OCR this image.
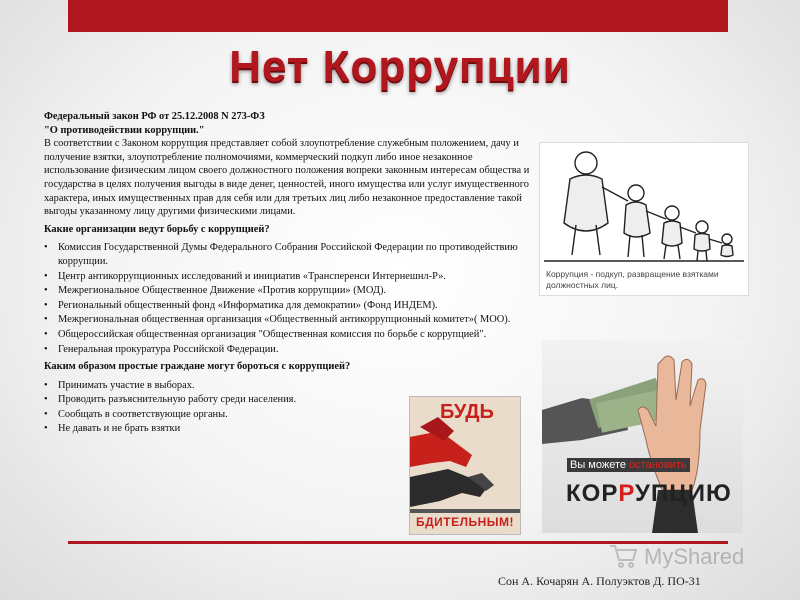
Нет Коррупции
Федеральный закон РФ от 25.12.2008 N 273-ФЗ
"О противодействии коррупции."
В соответствии с Законом коррупция представляет собой злоупотребление служебным положением, дачу и получение взятки, злоупотребление полномочиями, коммерческий подкуп либо иное незаконное использование физическим лицом своего должностного положения вопреки законным интересам общества и государства в целях получения выгоды в виде денег, ценностей, иного имущества или услуг имущественного характера, иных имущественных прав для себя или для третьих лиц либо незаконное предоставление такой выгоды указанному лицу другими физическими лицами.
Какие организации ведут борьбу с коррупцией?
• Комиссия Государственной Думы Федерального Собрания Российской Федерации по противодействию коррупции.
• Центр антикоррупционных исследований и инициатив «Трансперенси Интернешнл-Р».
• Межрегиональное Общественное Движение «Против коррупции» (МОД).
• Региональный общественный фонд «Информатика для демократии» (Фонд ИНДЕМ).
• Межрегиональная общественная организация «Общественный антикоррупционный комитет»( МОО).
• Общероссийская общественная организация "Общественная комиссия по борьбе с коррупцией".
• Генеральная прокуратура Российской Федерации.
Каким образом простые граждане могут бороться с коррупцией?
• Принимать участие в выборах.
• Проводить разъяснительную работу среди населения.
• Сообщать в соответствующие органы.
• Не давать и не брать взятки
Коррупция - подкуп, развращение взятками должностных лиц.
БУДЬ
БДИТЕЛЬНЫМ!
Вы можете остановить
КОРРУПЦИЮ
MyShared
Сон А. Кочарян А. Полуэктов Д. ПО-31
